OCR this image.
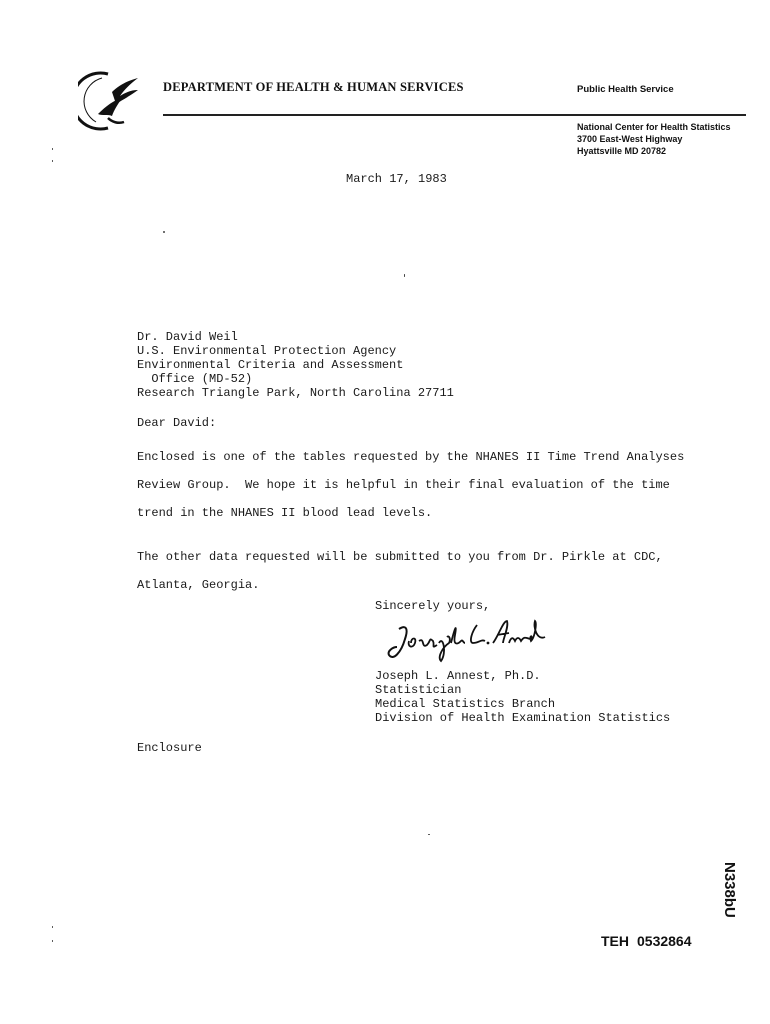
DEPARTMENT OF HEALTH & HUMAN SERVICES	Public Health Service
National Center for Health Statistics
3700 East-West Highway
Hyattsville MD 20782
March 17, 1983
Dr. David Weil
U.S. Environmental Protection Agency
Environmental Criteria and Assessment
Office (MD-52)
Research Triangle Park, North Carolina 27711
Dear David:
Enclosed is one of the tables requested by the NHANES II Time Trend Analyses
Review Group.  We hope it is helpful in their final evaluation of the time
trend in the NHANES II blood lead levels.
The other data requested will be submitted to you from Dr. Pirkle at CDC,
Atlanta, Georgia.
Sincerely yours,
Joseph L. Annest, Ph.D.
Statistician
Medical Statistics Branch
Division of Health Examination Statistics
Enclosure
N338bU
TEH 0532864
